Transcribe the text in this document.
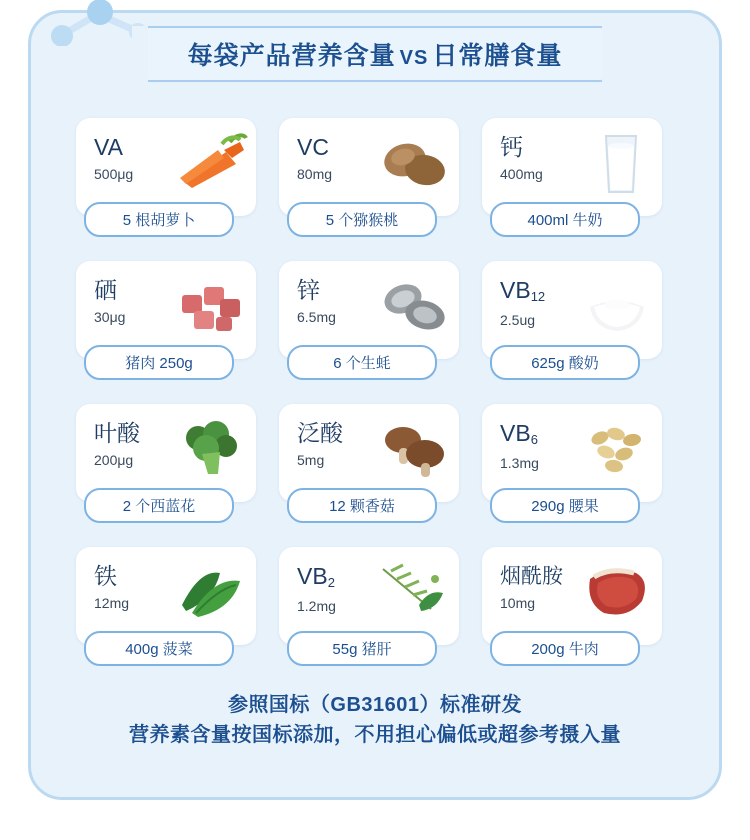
每袋产品营养含量 VS 日常膳食量
VA
500μg
5 根胡萝卜
VC
80mg
5 个猕猴桃
钙
400mg
400ml 牛奶
硒
30μg
猪肉 250g
锌
6.5mg
6 个生蚝
$VB_{12}$
2.5ug
625g 酸奶
叶酸
200μg
2 个西蓝花
泛酸
5mg
12 颗香菇
$VB_6$
1.3mg
290g 腰果
铁
12mg
400g 菠菜
$VB_2$
1.2mg
55g 猪肝
烟酰胺
10mg
200g 牛肉
参照国标（GB31601）标准研发
营养素含量按国标添加，不用担心偏低或超参考摄入量
